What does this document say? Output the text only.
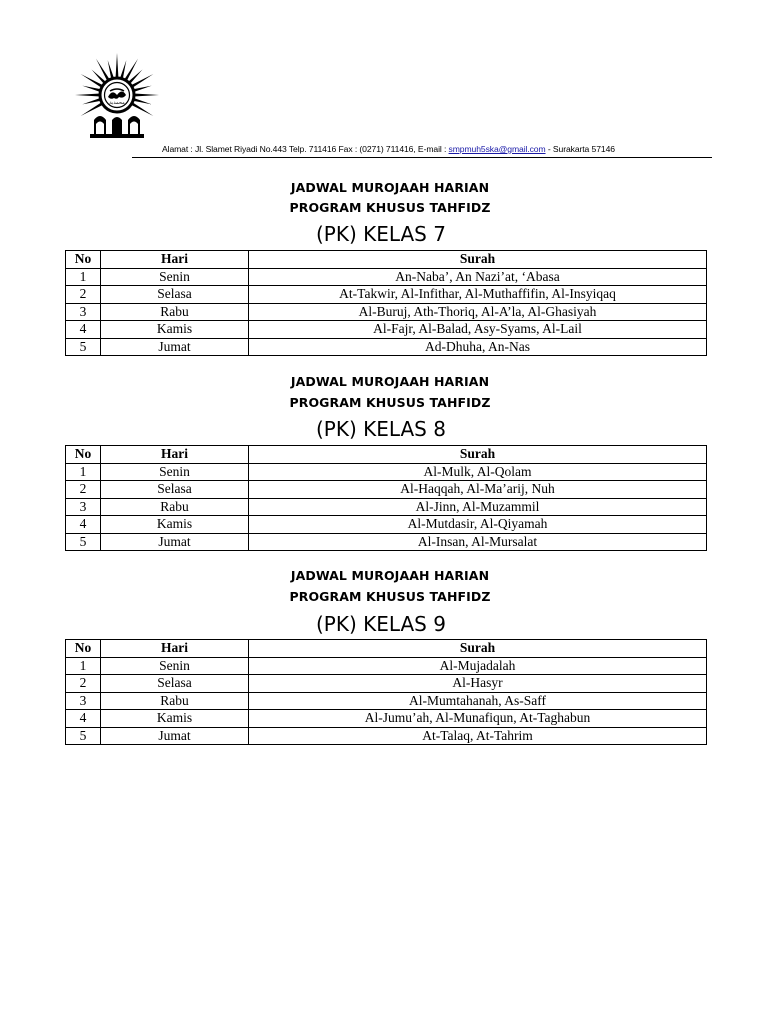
محمدية
Alamat : Jl. Slamet Riyadi No.443 Telp. 711416 Fax : (0271) 711416, E-mail : smpmuh5ska@gmail.com - Surakarta 57146
JADWAL MUROJAAH HARIAN
PROGRAM KHUSUS TAHFIDZ
(PK) KELAS 7
No	Hari	Surah
1	Senin	An-Naba’, An Nazi’at, ‘Abasa
2	Selasa	At-Takwir, Al-Infithar, Al-Muthaffifin, Al-Insyiqaq
3	Rabu	Al-Buruj, Ath-Thoriq, Al-A’la, Al-Ghasiyah
4	Kamis	Al-Fajr, Al-Balad, Asy-Syams, Al-Lail
5	Jumat	Ad-Dhuha, An-Nas
JADWAL MUROJAAH HARIAN
PROGRAM KHUSUS TAHFIDZ
(PK) KELAS 8
No	Hari	Surah
1	Senin	Al-Mulk, Al-Qolam
2	Selasa	Al-Haqqah, Al-Ma’arij, Nuh
3	Rabu	Al-Jinn, Al-Muzammil
4	Kamis	Al-Mutdasir, Al-Qiyamah
5	Jumat	Al-Insan, Al-Mursalat
JADWAL MUROJAAH HARIAN
PROGRAM KHUSUS TAHFIDZ
(PK) KELAS 9
No	Hari	Surah
1	Senin	Al-Mujadalah
2	Selasa	Al-Hasyr
3	Rabu	Al-Mumtahanah, As-Saff
4	Kamis	Al-Jumu’ah, Al-Munafiqun, At-Taghabun
5	Jumat	At-Talaq, At-Tahrim
